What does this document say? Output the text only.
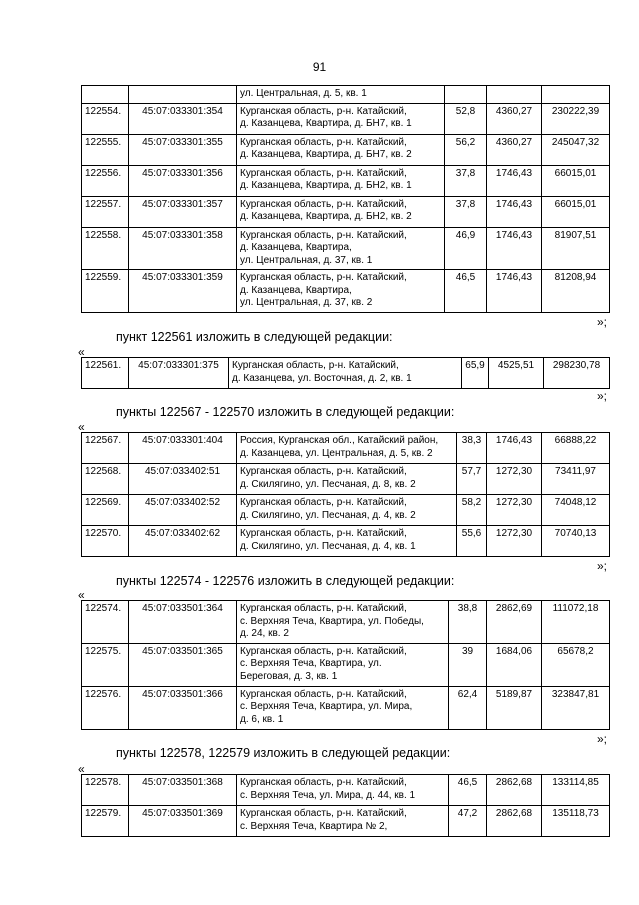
91
		ул. Центральная, д. 5, кв. 1			
122554.	45:07:033301:354	Курганская область, р-н. Катайский,
д. Казанцева, Квартира, д. БН7, кв. 1	52,8	4360,27	230222,39
122555.	45:07:033301:355	Курганская область, р-н. Катайский,
д. Казанцева, Квартира, д. БН7, кв. 2	56,2	4360,27	245047,32
122556.	45:07:033301:356	Курганская область, р-н. Катайский,
д. Казанцева, Квартира, д. БН2, кв. 1	37,8	1746,43	66015,01
122557.	45:07:033301:357	Курганская область, р-н. Катайский,
д. Казанцева, Квартира, д. БН2, кв. 2	37,8	1746,43	66015,01
122558.	45:07:033301:358	Курганская область, р-н. Катайский,
д. Казанцева, Квартира,
ул. Центральная, д. 37, кв. 1	46,9	1746,43	81907,51
122559.	45:07:033301:359	Курганская область, р-н. Катайский,
д. Казанцева, Квартира,
ул. Центральная, д. 37, кв. 2	46,5	1746,43	81208,94
»;
пункт 122561 изложить в следующей редакции:
«
122561.	45:07:033301:375	Курганская область, р-н. Катайский,
д. Казанцева, ул. Восточная, д. 2, кв. 1	65,9	4525,51	298230,78
»;
пункты 122567 - 122570 изложить в следующей редакции:
«
122567.	45:07:033301:404	Россия, Курганская обл., Катайский район,
д. Казанцева, ул. Центральная, д. 5, кв. 2	38,3	1746,43	66888,22
122568.	45:07:033402:51	Курганская область, р-н. Катайский,
д. Скилягино, ул. Песчаная, д. 8, кв. 2	57,7	1272,30	73411,97
122569.	45:07:033402:52	Курганская область, р-н. Катайский,
д. Скилягино, ул. Песчаная, д. 4, кв. 2	58,2	1272,30	74048,12
122570.	45:07:033402:62	Курганская область, р-н. Катайский,
д. Скилягино, ул. Песчаная, д. 4, кв. 1	55,6	1272,30	70740,13
»;
пункты 122574 - 122576 изложить в следующей редакции:
«
122574.	45:07:033501:364	Курганская область, р-н. Катайский,
с. Верхняя Теча, Квартира, ул. Победы,
д. 24, кв. 2	38,8	2862,69	111072,18
122575.	45:07:033501:365	Курганская область, р-н. Катайский,
с. Верхняя Теча, Квартира, ул.
Береговая, д. 3, кв. 1	39	1684,06	65678,2
122576.	45:07:033501:366	Курганская область, р-н. Катайский,
с. Верхняя Теча, Квартира, ул. Мира,
д. 6, кв. 1	62,4	5189,87	323847,81
»;
пункты 122578, 122579 изложить в следующей редакции:
«
122578.	45:07:033501:368	Курганская область, р-н. Катайский,
с. Верхняя Теча, ул. Мира, д. 44, кв. 1	46,5	2862,68	133114,85
122579.	45:07:033501:369	Курганская область, р-н. Катайский,
с. Верхняя Теча, Квартира № 2,	47,2	2862,68	135118,73
